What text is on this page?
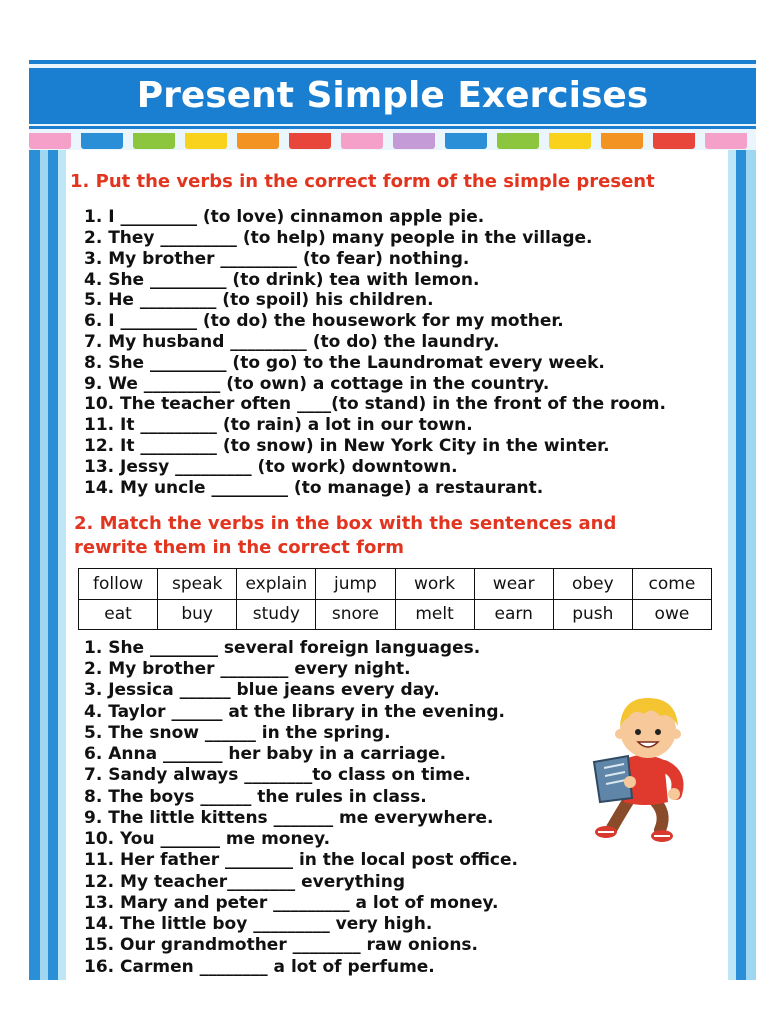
Present Simple Exercises
1. Put the verbs in the correct form of the simple present
1. I _________ (to love) cinnamon apple pie.
2. They _________ (to help) many people in the village.
3. My brother _________ (to fear) nothing.
4. She _________ (to drink) tea with lemon.
5. He _________ (to spoil) his children.
6. I _________ (to do) the housework for my mother.
7. My husband _________ (to do) the laundry.
8. She _________ (to go) to the Laundromat every week.
9. We _________ (to own) a cottage in the country.
10. The teacher often ____(to stand) in the front of the room.
11. It _________ (to rain) a lot in our town.
12. It _________ (to snow) in New York City in the winter.
13. Jessy _________ (to work) downtown.
14. My uncle _________ (to manage) a restaurant.
2. Match the verbs in the box with the sentences and
rewrite them in the correct form
follow	speak	explain	jump	work	wear	obey	come
eat	buy	study	snore	melt	earn	push	owe
1. She ________ several foreign languages.
2. My brother ________ every night.
3. Jessica ______ blue jeans every day.
4. Taylor ______ at the library in the evening.
5. The snow ______ in the spring.
6. Anna _______ her baby in a carriage.
7. Sandy always ________to class on time.
8. The boys ______ the rules in class.
9. The little kittens _______ me everywhere.
10. You _______ me money.
11. Her father ________ in the local post office.
12. My teacher________ everything
13. Mary and peter _________ a lot of money.
14. The little boy _________ very high.
15. Our grandmother ________ raw onions.
16. Carmen ________ a lot of perfume.
